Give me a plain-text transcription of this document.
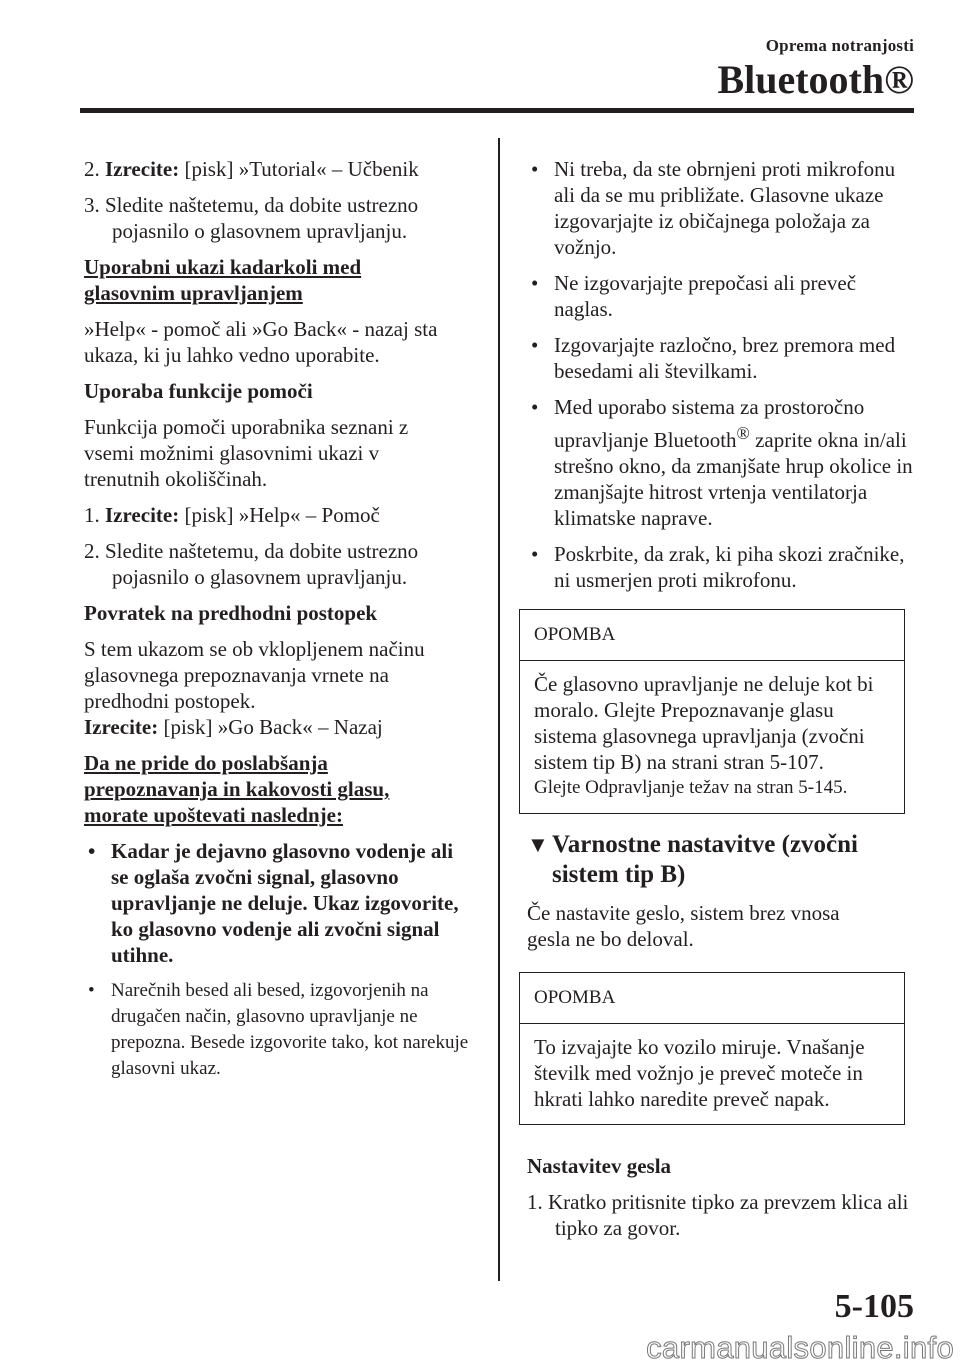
Oprema notranjosti
Bluetooth®

2. Izrecite: [pisk] »Tutorial« – Učbenik

3. Sledite naštetemu, da dobite ustrezno pojasnilo o glasovnem upravljanju.

Uporabni ukazi kadarkoli med glasovnim upravljanjem

»Help« - pomoč ali »Go Back« - nazaj sta ukaza, ki ju lahko vedno uporabite.

Uporaba funkcije pomoči

Funkcija pomoči uporabnika seznani z vsemi možnimi glasovnimi ukazi v trenutnih okoliščinah.

1. Izrecite: [pisk] »Help« – Pomoč

2. Sledite naštetemu, da dobite ustrezno pojasnilo o glasovnem upravljanju.

Povratek na predhodni postopek

S tem ukazom se ob vklopljenem načinu glasovnega prepoznavanja vrnete na predhodni postopek.

Izrecite: [pisk] »Go Back« – Nazaj

Da ne pride do poslabšanja prepoznavanja in kakovosti glasu, morate upoštevati naslednje:

• Kadar je dejavno glasovno vodenje ali se oglaša zvočni signal, glasovno upravljanje ne deluje. Ukaz izgovorite, ko glasovno vodenje ali zvočni signal utihne.

• Narečnih besed ali besed, izgovorjenih na drugačen način, glasovno upravljanje ne prepozna. Besede izgovorite tako, kot narekuje glasovni ukaz.

• Ni treba, da ste obrnjeni proti mikrofonu ali da se mu približate. Glasovne ukaze izgovarjajte iz običajnega položaja za vožnjo.

• Ne izgovarjajte prepočasi ali preveč naglas.

• Izgovarjajte razločno, brez premora med besedami ali številkami.

• Med uporabo sistema za prostoročno upravljanje Bluetooth® zaprite okna in/ali strešno okno, da zmanjšate hrup okolice in zmanjšajte hitrost vrtenja ventilatorja klimatske naprave.

• Poskrbite, da zrak, ki piha skozi zračnike, ni usmerjen proti mikrofonu.

OPOMBA

Če glasovno upravljanje ne deluje kot bi moralo. Glejte Prepoznavanje glasu sistema glasovnega upravljanja (zvočni sistem tip B) na strani stran 5-107.

Glejte Odpravljanje težav na stran 5-145.

▼ Varnostne nastavitve (zvočni sistem tip B)

Če nastavite geslo, sistem brez vnosa gesla ne bo deloval.

OPOMBA

To izvajajte ko vozilo miruje. Vnašanje številk med vožnjo je preveč moteče in hkrati lahko naredite preveč napak.

Nastavitev gesla

1. Kratko pritisnite tipko za prevzem klica ali tipko za govor.

5-105
carmanualsonline.info
